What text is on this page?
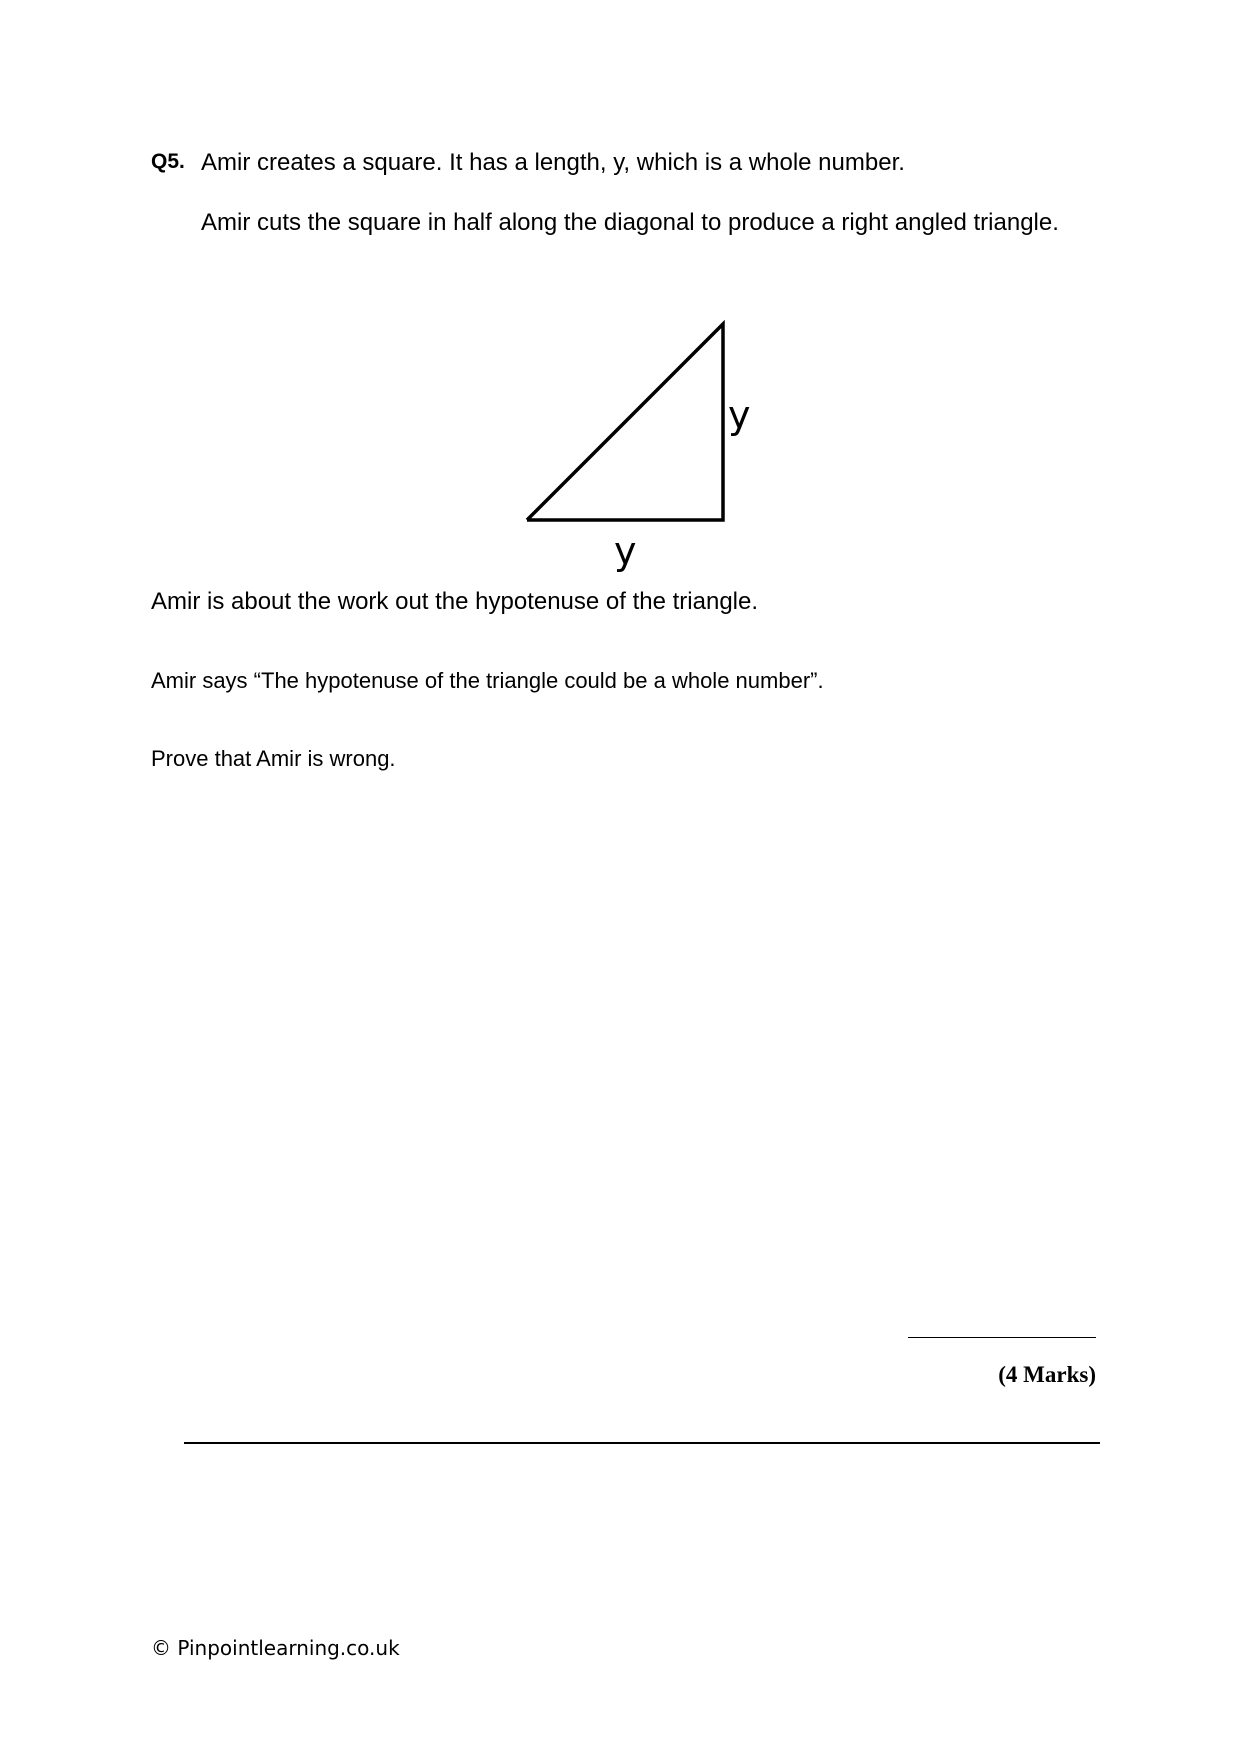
Q5. Amir creates a square. It has a length, y, which is a whole number.
Amir cuts the square in half along the diagonal to produce a right angled triangle.
y
y
Amir is about the work out the hypotenuse of the triangle.
Amir says “The hypotenuse of the triangle could be a whole number”.
Prove that Amir is wrong.
(4 Marks)
© Pinpointlearning.co.uk
